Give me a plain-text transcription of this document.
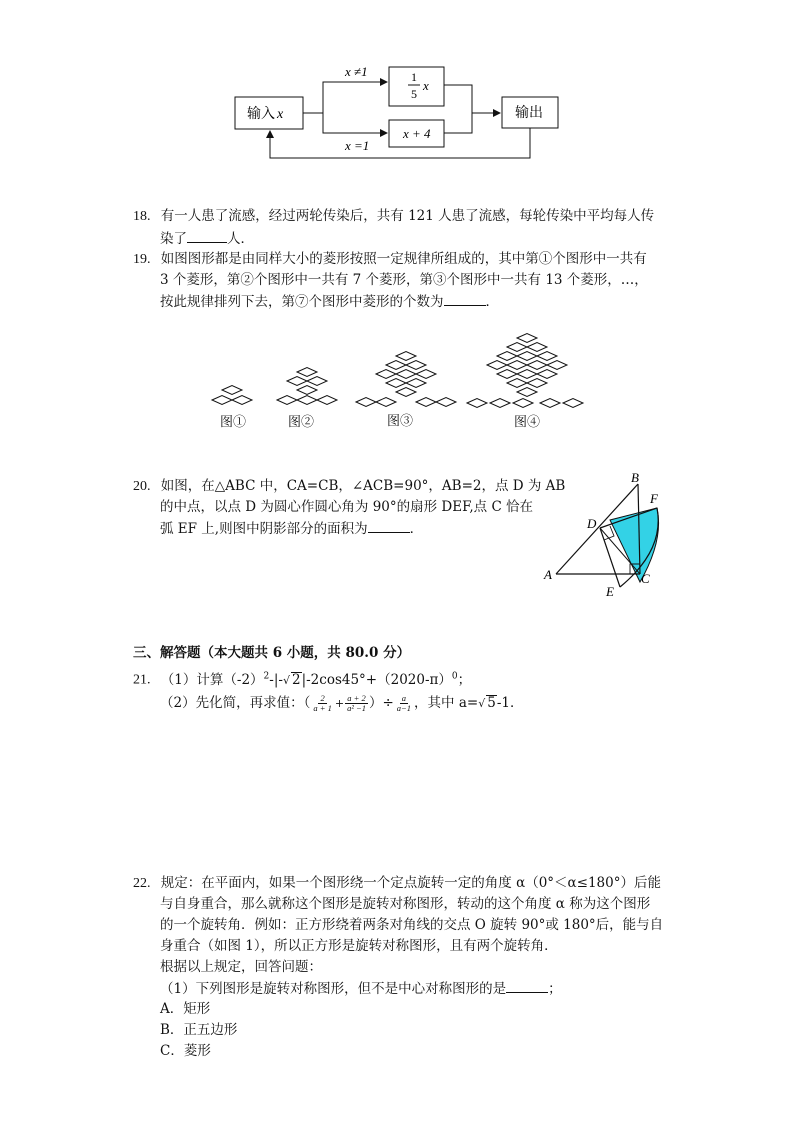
输入 x
x ≠1
x =1
1
5
x
x + 4
输出
18. 有一人患了流感，经过两轮传染后，共有 121 人患了流感，每轮传染中平均每人传
染了	人．
19. 如图图形都是由同样大小的菱形按照一定规律所组成的，其中第①个图形中一共有
3 个菱形，第②个图形中一共有 7 个菱形，第③个图形中一共有 13 个菱形，…，
按此规律排列下去，第⑦个图形中菱形的个数为	．
图①	图②	图③	图④
20. 如图，在△ABC 中，CA=CB，∠ACB=90°，AB=2，点 D 为 AB
的中点，以点 D 为圆心作圆心角为 90°的扇形 DEF,点 C 恰在
弧 EF 上,则图中阴影部分的面积为	．
A
B
C
D
E
F
三、解答题（本大题共 6 小题，共 80.0 分）
21. （1）计算$(-2)^2-|-√$ $2|-2\cos 45^\circ+(2020-\pi)^0$；
（2）先化简，再求值：（ $\frac{2}{a + 1} + \frac{a + 2}{\text{a² −1}}$ ）÷ $\frac{a}{a-1}$ ，其中 a=√ 5-1．
22. 规定：在平面内，如果一个图形绕一个定点旋转一定的角度 α（0°＜α≤180°）后能
与自身重合，那么就称这个图形是旋转对称图形，转动的这个角度 α 称为这个图形
的一个旋转角．例如：正方形绕着两条对角线的交点 O 旋转 90°或 180°后，能与自
身重合（如图 1），所以正方形是旋转对称图形，且有两个旋转角．
根据以上规定，回答问题：
（1）下列图形是旋转对称图形，但不是中心对称图形的是	；
A．矩形
B．正五边形
C．菱形
